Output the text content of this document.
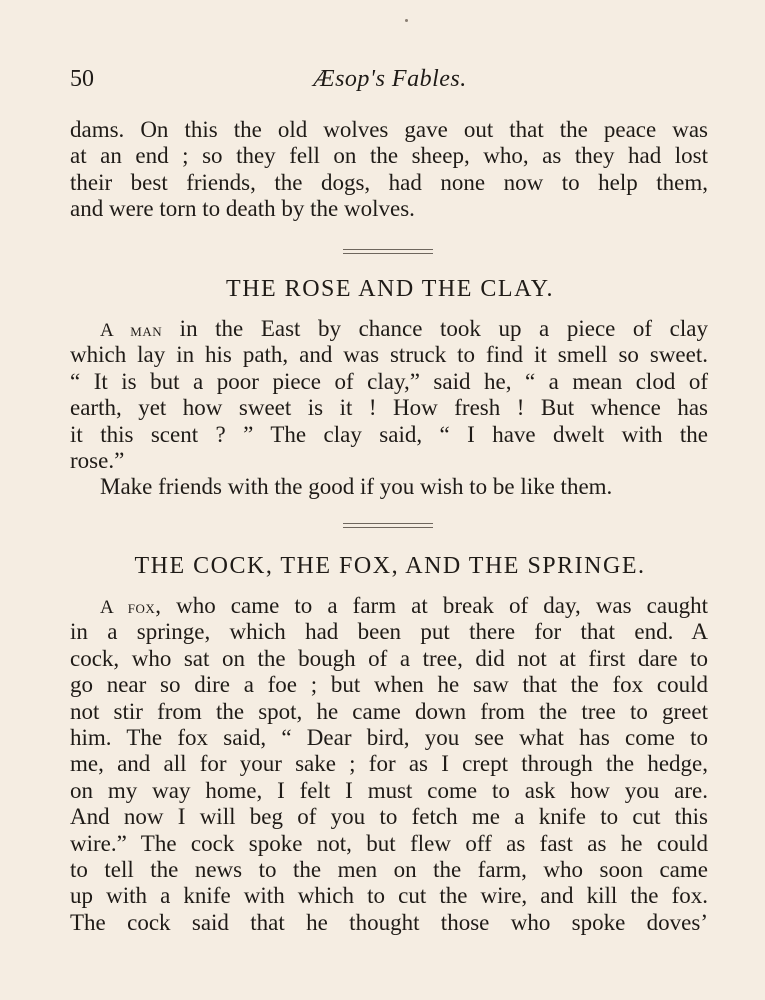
50	Æsop's Fables.
dams. On this the old wolves gave out that the peace was
at an end ; so they fell on the sheep, who, as they had lost
their best friends, the dogs, had none now to help them,
and were torn to death by the wolves.
THE ROSE AND THE CLAY.
A man in the East by chance took up a piece of clay
which lay in his path, and was struck to find it smell so sweet.
“ It is but a poor piece of clay,” said he, “ a mean clod of
earth, yet how sweet is it ! How fresh ! But whence has
it this scent ? ” The clay said, “ I have dwelt with the
rose.”
Make friends with the good if you wish to be like them.
THE COCK, THE FOX, AND THE SPRINGE.
A fox, who came to a farm at break of day, was caught
in a springe, which had been put there for that end. A
cock, who sat on the bough of a tree, did not at first dare to
go near so dire a foe ; but when he saw that the fox could
not stir from the spot, he came down from the tree to greet
him. The fox said, “ Dear bird, you see what has come to
me, and all for your sake ; for as I crept through the hedge,
on my way home, I felt I must come to ask how you are.
And now I will beg of you to fetch me a knife to cut this
wire.” The cock spoke not, but flew off as fast as he could
to tell the news to the men on the farm, who soon came
up with a knife with which to cut the wire, and kill the fox.
The cock said that he thought those who spoke doves’
